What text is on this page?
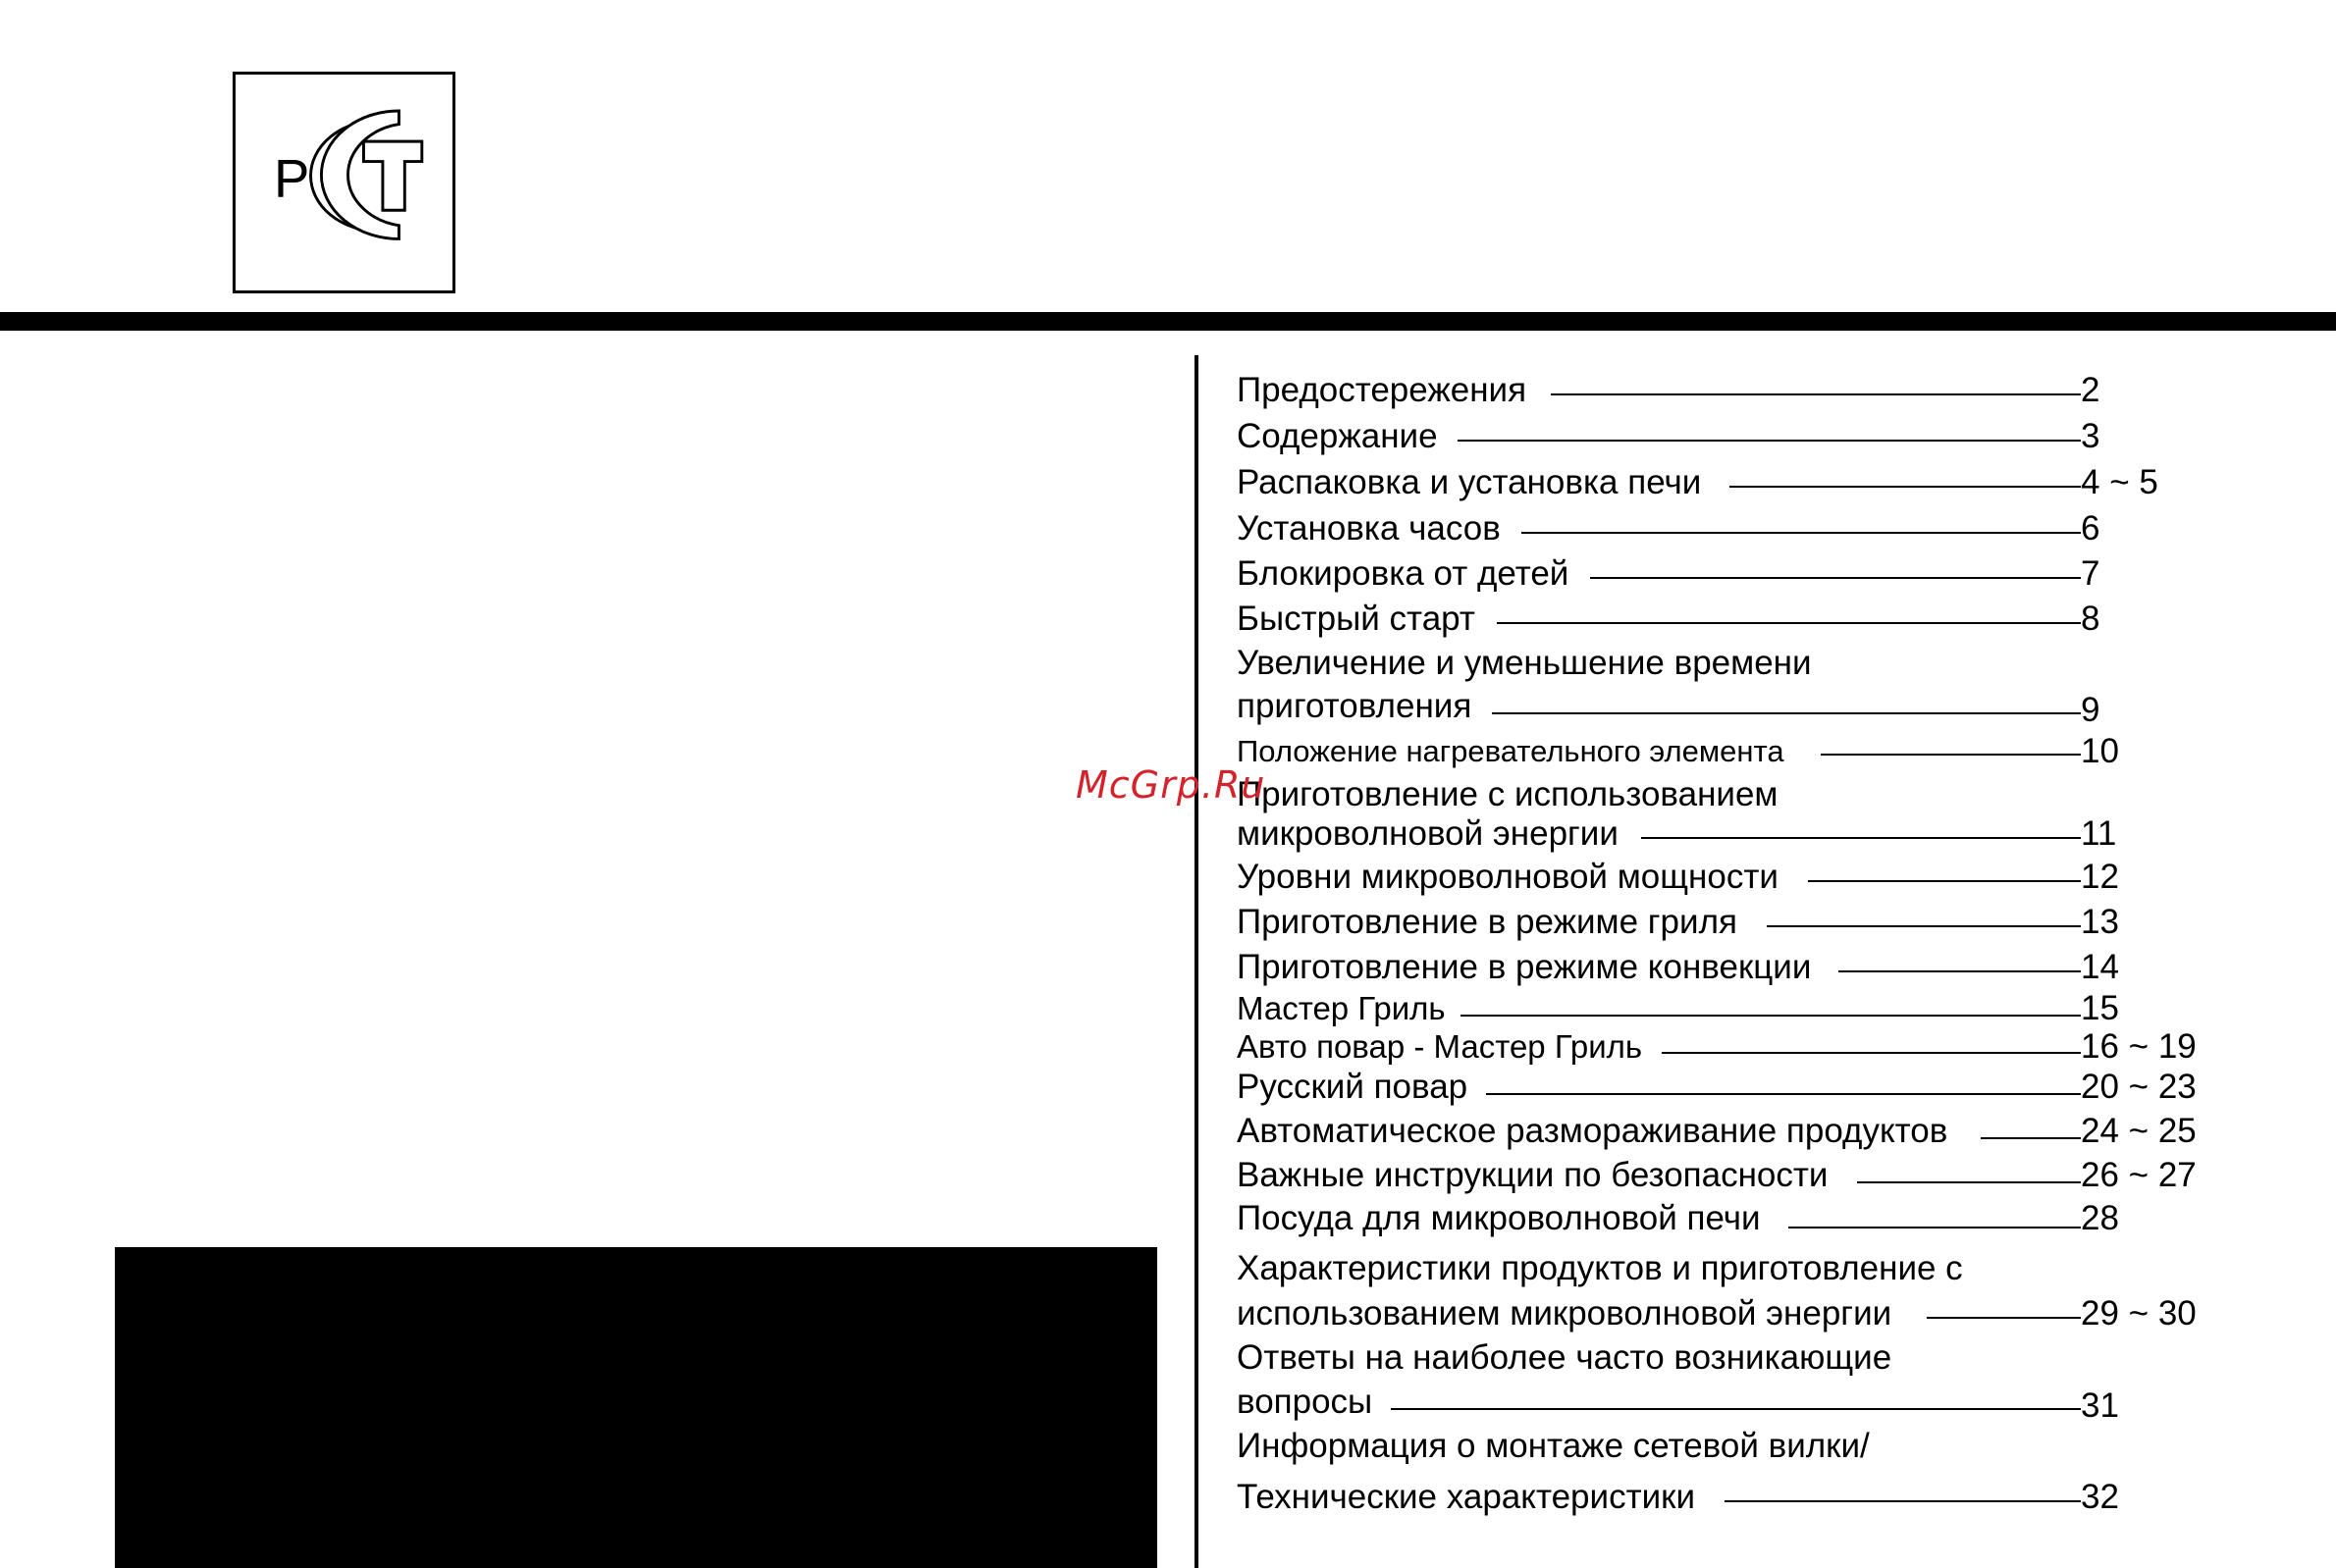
Р
McGrp.Ru
Предостережения	2
Содержание	3
Распаковка и установка печи	4 ~ 5
Установка часов	6
Блокировка от детей	7
Быстрый старт	8
Увеличение и уменьшение времени
приготовления	9
Положение нагревательного элемента	10
Приготовление с использованием
микроволновой энергии	11
Уровни микроволновой мощности	12
Приготовление в режиме гриля	13
Приготовление в режиме конвекции	14
Мастер Гриль	15
Авто повар - Мастер Гриль	16 ~ 19
Русский повар	20 ~ 23
Автоматическое размораживание продуктов	24 ~ 25
Важные инструкции по безопасности	26 ~ 27
Посуда для микроволновой печи	28
Характеристики продуктов и приготовление с
использованием микроволновой энергии	29 ~ 30
Ответы на наиболее часто возникающие
вопросы	31
Информация о монтаже сетевой вилки/
Технические характеристики	32
